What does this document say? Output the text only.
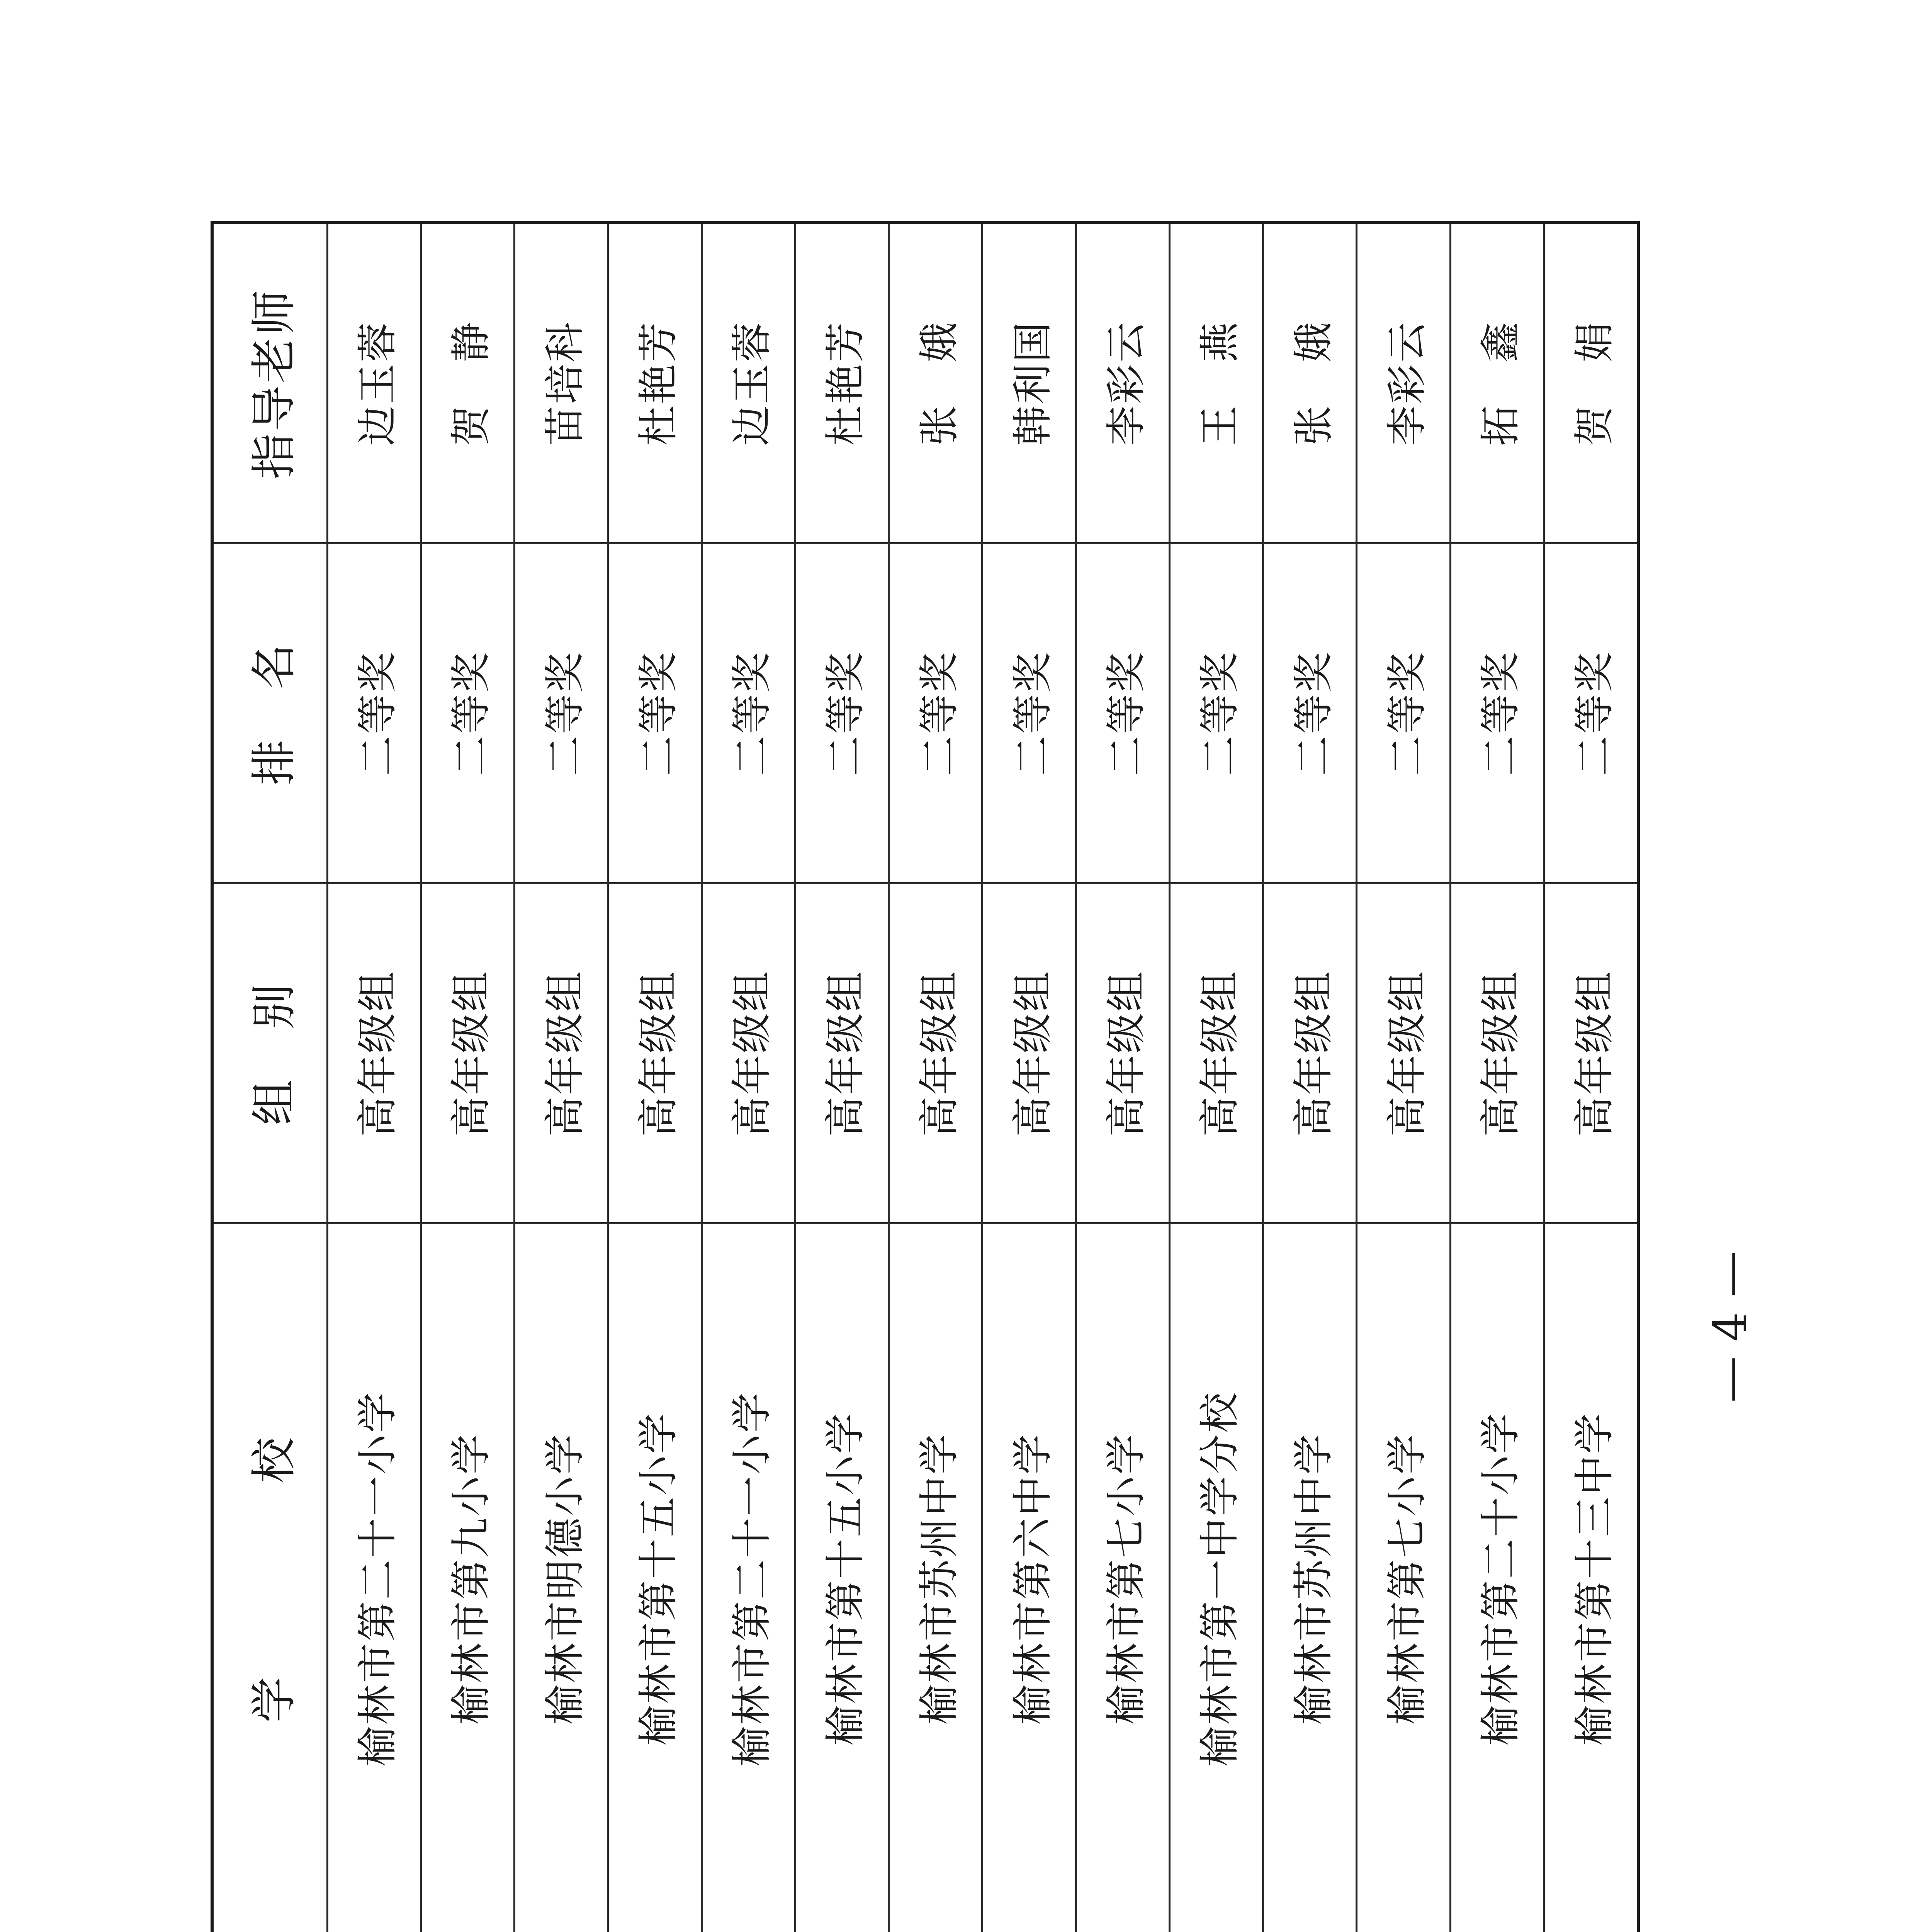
			学　　　　校	组　别	排　名	指导老师
			榆林市第二十一小学	高年级组	二等奖	边玉蓉
			榆林市第九小学	高年级组	二等奖	贺　静
			榆林市明德小学	高年级组	二等奖	苗培科
			榆林市第十五小学	高年级组	二等奖	杜艳芳
			榆林市第二十一小学	高年级组	二等奖	边玉蓉
			榆林市第十五小学	高年级组	二等奖	杜艳芳
			榆林市苏州中学	高年级组	二等奖	张　娥
			榆林市第六中学	高年级组	二等奖	韩利国
			榆林市第七小学	高年级组	二等奖	李彩云
			榆林市第一中学分校	高年级组	二等奖	王　燕
			榆林市苏州中学	高年级组	二等奖	张　娥
			榆林市第七小学	高年级组	二等奖	李彩云
			榆林市第二十小学	高年级组	二等奖	拓　鑫
			榆林市第十三中学	高年级组	二等奖	贺　娟
— 4 —
